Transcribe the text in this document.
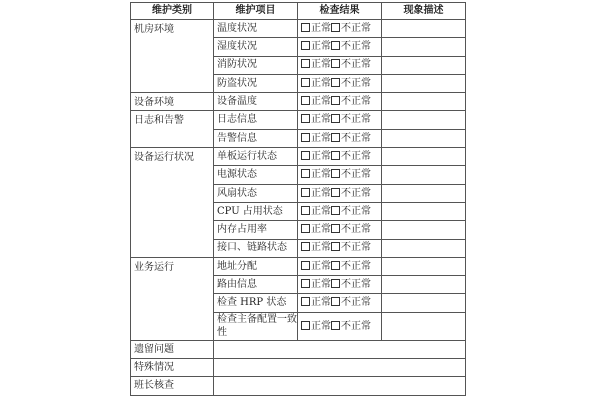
维护类别	维护项目	检查结果	现象描述
机房环境	温度状况	正常 不正常	
	湿度状况	正常 不正常	
	消防状况	正常 不正常	
	防盗状况	正常 不正常	
设备环境	设备温度	正常 不正常	
日志和告警	日志信息	正常 不正常	
	告警信息	正常 不正常	
设备运行状况	单板运行状态	正常 不正常	
	电源状态	正常 不正常	
	风扇状态	正常 不正常	
	CPU 占用状态	正常 不正常	
	内存占用率	正常 不正常	
	接口、链路状态	正常 不正常	
业务运行	地址分配	正常 不正常	
	路由信息	正常 不正常	
	检查 HRP 状态	正常 不正常	
	检查主备配置一致性	正常 不正常	
遗留问题			
特殊情况			
班长核查			
